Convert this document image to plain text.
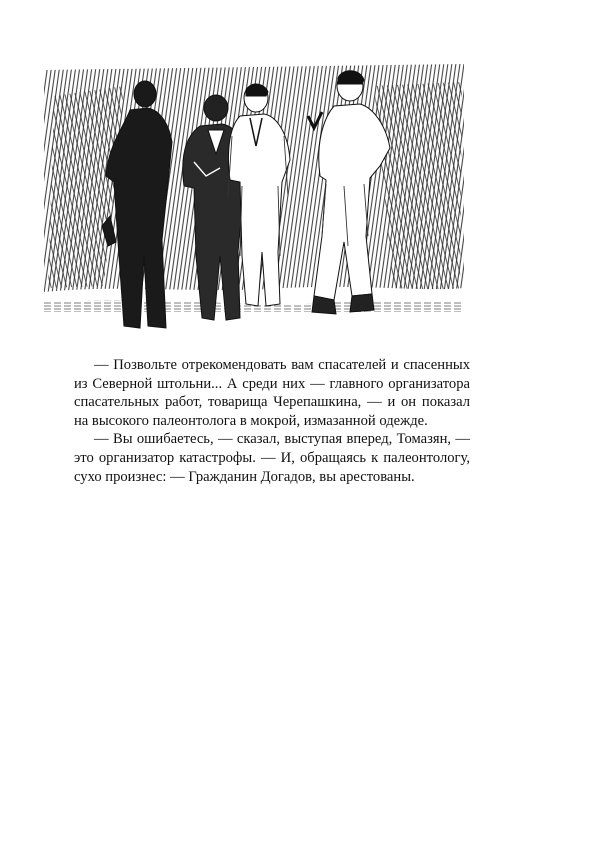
— Позвольте отрекомендовать вам спасателей и спасенных из Северной штольни... А среди них — главного организатора спасательных работ, товарища Черепашкина, — и он показал на высокого палеонтолога в мокрой, измазанной одежде.

— Вы ошибаетесь, — сказал, выступая вперед, Томазян, — это организатор катастрофы. — И, обращаясь к палеонтологу, сухо произнес: — Гражданин Догадов, вы арестованы.
